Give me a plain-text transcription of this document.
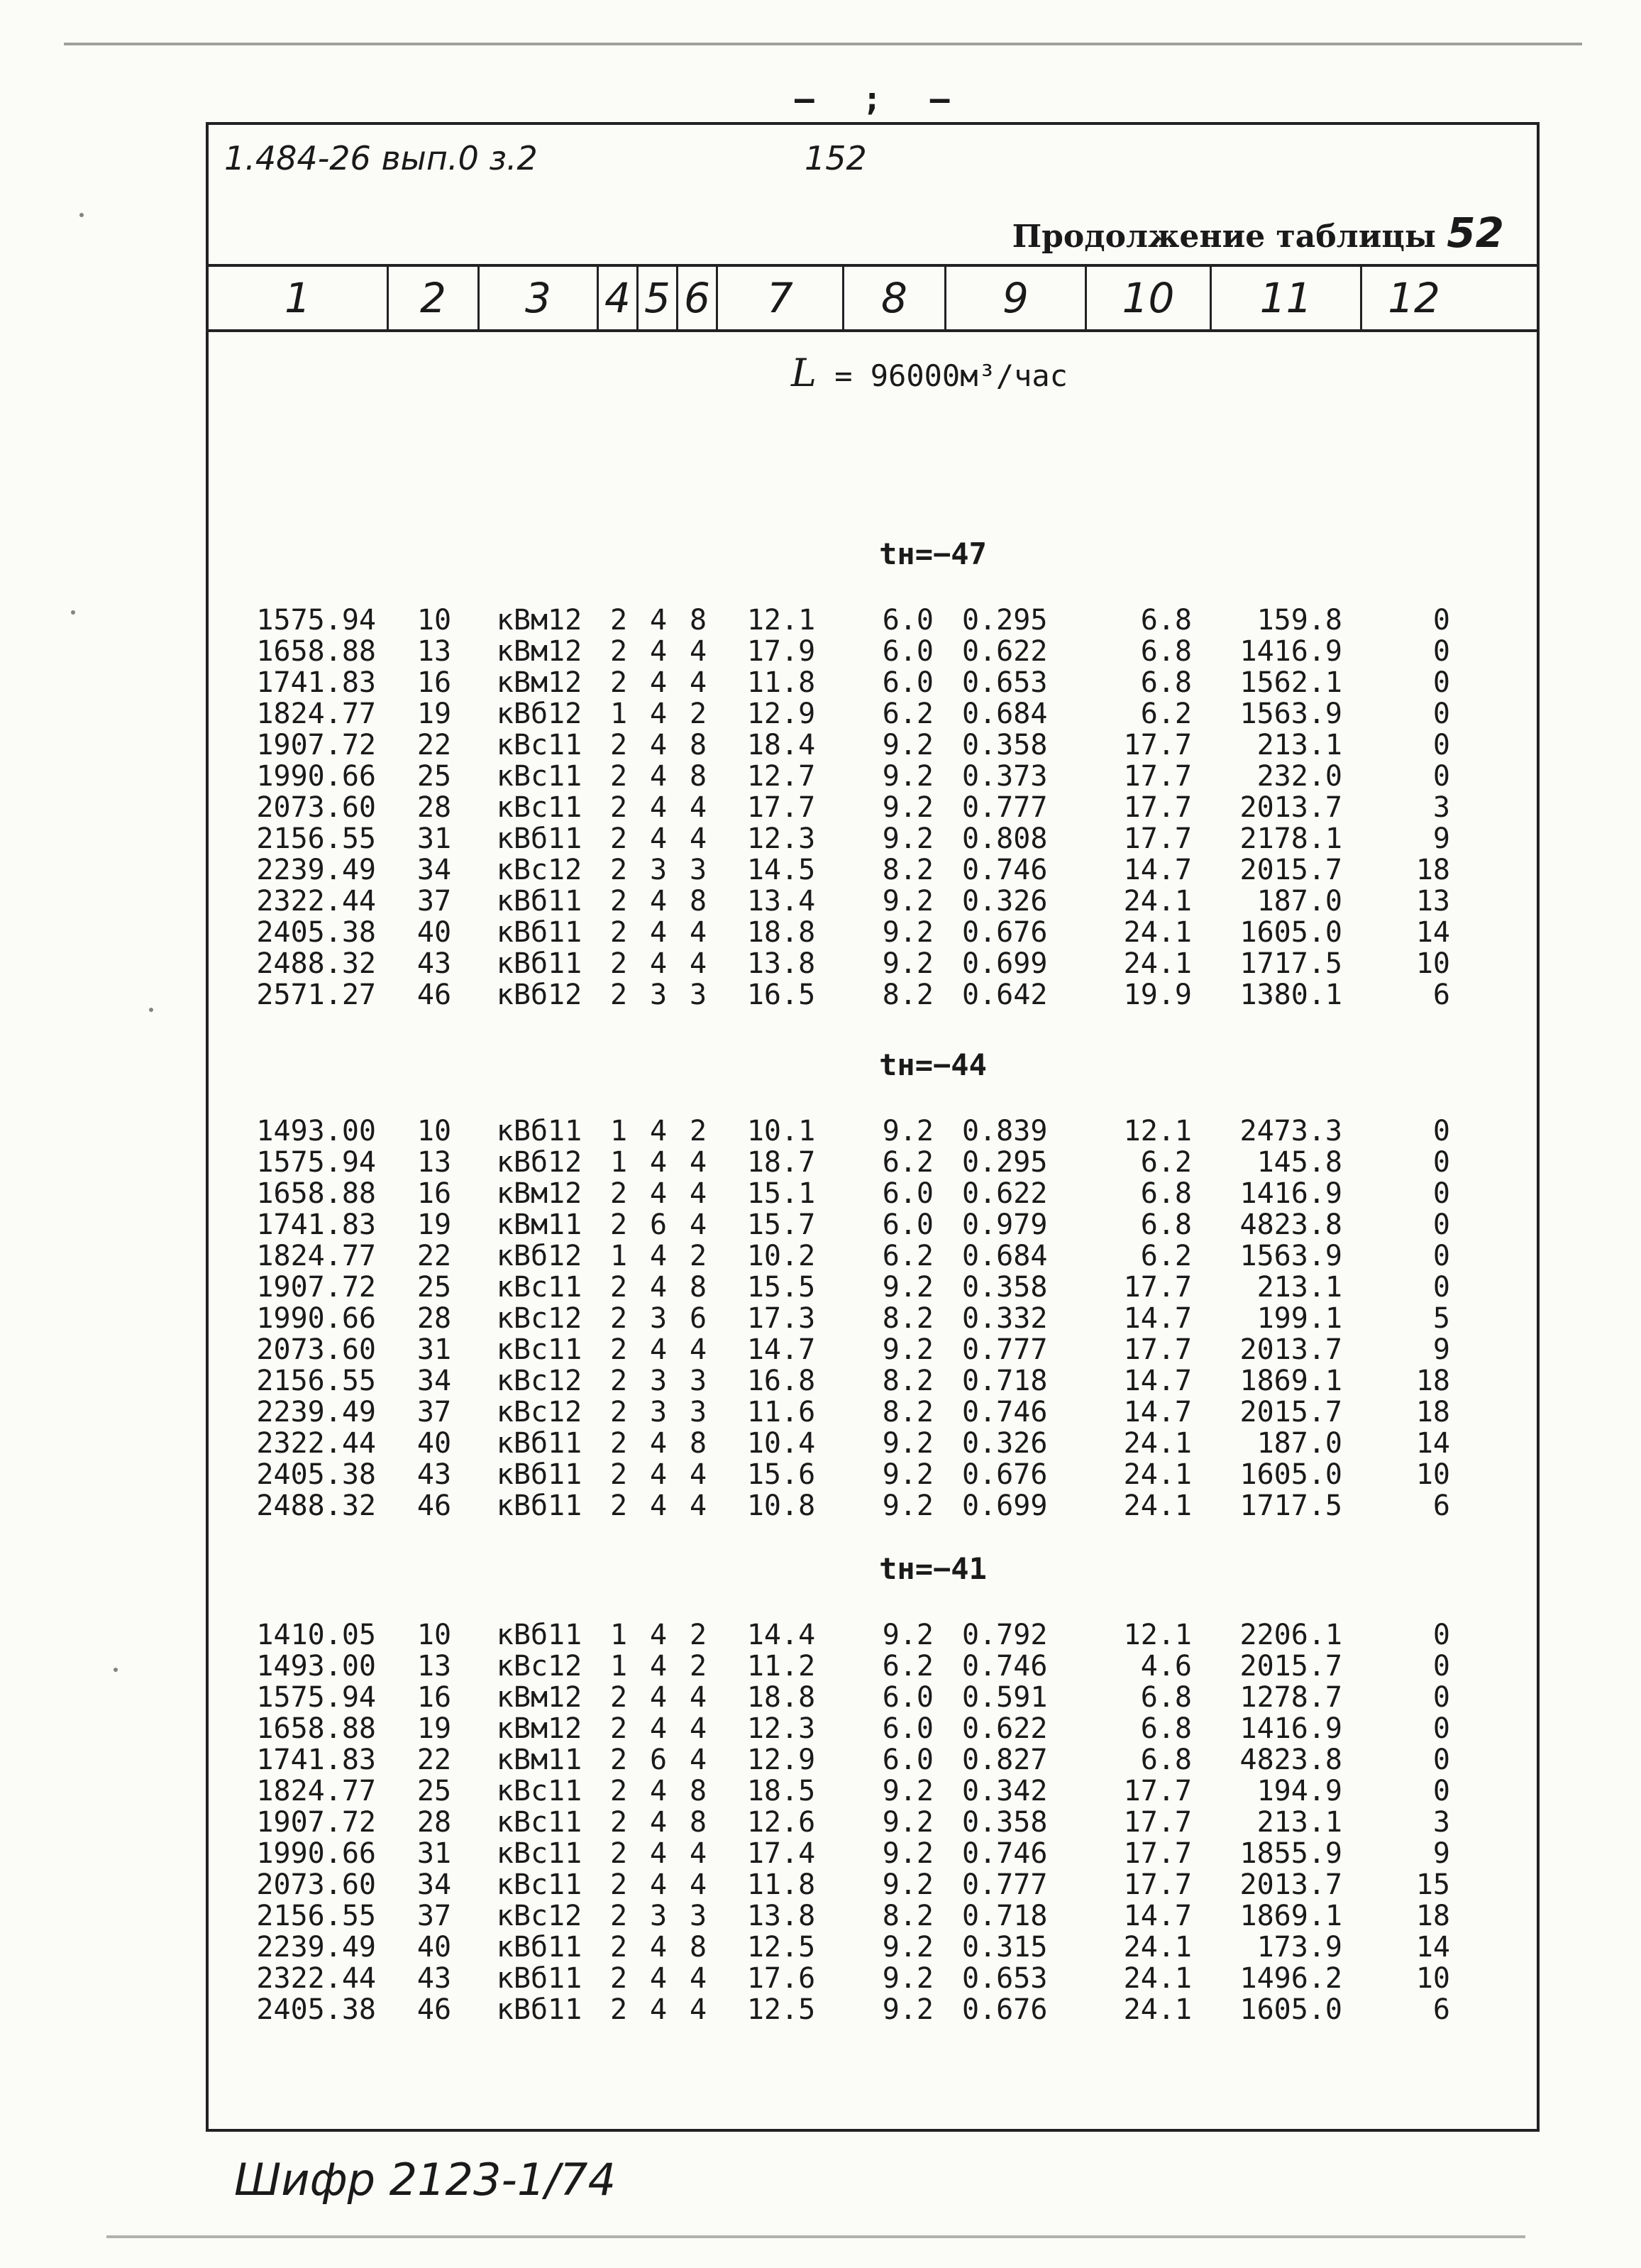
— ; —
1.484-26 вып.0 з.2	152
Продолжение таблицы 52
1	2	3	4 5 6	7	8	9	10	11	12
L = 96000м³/час
tн=−47
1575.94	10	кВм12 2 4 8	12.1	6.0	0.295	6.8	159.8	0
1658.88	13	кВм12 2 4 4	17.9	6.0	0.622	6.8	1416.9	0
1741.83	16	кВм12 2 4 4	11.8	6.0	0.653	6.8	1562.1	0
1824.77	19	кВб12 1 4 2	12.9	6.2	0.684	6.2	1563.9	0
1907.72	22	кВс11 2 4 8	18.4	9.2	0.358	17.7	213.1	0
1990.66	25	кВс11 2 4 8	12.7	9.2	0.373	17.7	232.0	0
2073.60	28	кВс11 2 4 4	17.7	9.2	0.777	17.7	2013.7	3
2156.55	31	кВб11 2 4 4	12.3	9.2	0.808	17.7	2178.1	9
2239.49	34	кВс12 2 3 3	14.5	8.2	0.746	14.7	2015.7	18
2322.44	37	кВб11 2 4 8	13.4	9.2	0.326	24.1	187.0	13
2405.38	40	кВб11 2 4 4	18.8	9.2	0.676	24.1	1605.0	14
2488.32	43	кВб11 2 4 4	13.8	9.2	0.699	24.1	1717.5	10
2571.27	46	кВб12 2 3 3	16.5	8.2	0.642	19.9	1380.1	6
tн=−44
1493.00	10	кВб11 1 4 2	10.1	9.2	0.839	12.1	2473.3	0
1575.94	13	кВб12 1 4 4	18.7	6.2	0.295	6.2	145.8	0
1658.88	16	кВм12 2 4 4	15.1	6.0	0.622	6.8	1416.9	0
1741.83	19	кВм11 2 6 4	15.7	6.0	0.979	6.8	4823.8	0
1824.77	22	кВб12 1 4 2	10.2	6.2	0.684	6.2	1563.9	0
1907.72	25	кВс11 2 4 8	15.5	9.2	0.358	17.7	213.1	0
1990.66	28	кВс12 2 3 6	17.3	8.2	0.332	14.7	199.1	5
2073.60	31	кВс11 2 4 4	14.7	9.2	0.777	17.7	2013.7	9
2156.55	34	кВс12 2 3 3	16.8	8.2	0.718	14.7	1869.1	18
2239.49	37	кВс12 2 3 3	11.6	8.2	0.746	14.7	2015.7	18
2322.44	40	кВб11 2 4 8	10.4	9.2	0.326	24.1	187.0	14
2405.38	43	кВб11 2 4 4	15.6	9.2	0.676	24.1	1605.0	10
2488.32	46	кВб11 2 4 4	10.8	9.2	0.699	24.1	1717.5	6
tн=−41
1410.05	10	кВб11 1 4 2	14.4	9.2	0.792	12.1	2206.1	0
1493.00	13	кВс12 1 4 2	11.2	6.2	0.746	4.6	2015.7	0
1575.94	16	кВм12 2 4 4	18.8	6.0	0.591	6.8	1278.7	0
1658.88	19	кВм12 2 4 4	12.3	6.0	0.622	6.8	1416.9	0
1741.83	22	кВм11 2 6 4	12.9	6.0	0.827	6.8	4823.8	0
1824.77	25	кВс11 2 4 8	18.5	9.2	0.342	17.7	194.9	0
1907.72	28	кВс11 2 4 8	12.6	9.2	0.358	17.7	213.1	3
1990.66	31	кВс11 2 4 4	17.4	9.2	0.746	17.7	1855.9	9
2073.60	34	кВс11 2 4 4	11.8	9.2	0.777	17.7	2013.7	15
2156.55	37	кВс12 2 3 3	13.8	8.2	0.718	14.7	1869.1	18
2239.49	40	кВб11 2 4 8	12.5	9.2	0.315	24.1	173.9	14
2322.44	43	кВб11 2 4 4	17.6	9.2	0.653	24.1	1496.2	10
2405.38	46	кВб11 2 4 4	12.5	9.2	0.676	24.1	1605.0	6
Шифр 2123-1/74
